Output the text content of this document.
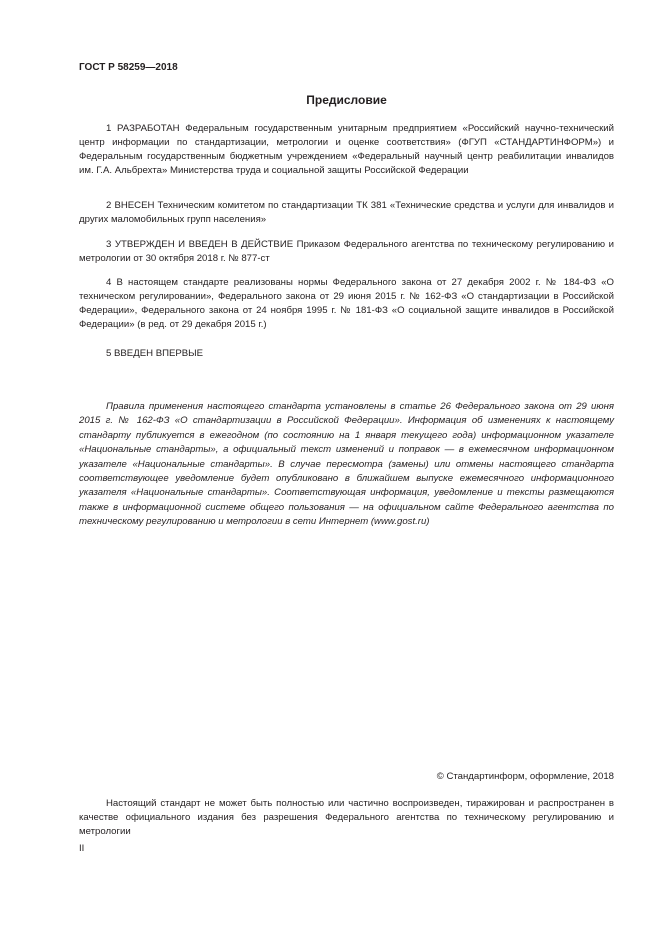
ГОСТ Р 58259—2018
Предисловие

1 РАЗРАБОТАН Федеральным государственным унитарным предприятием «Российский научно-технический центр информации по стандартизации, метрологии и оценке соответствия» (ФГУП «СТАНДАРТИНФОРМ») и Федеральным государственным бюджетным учреждением «Федеральный научный центр реабилитации инвалидов им. Г.А. Альбрехта» Министерства труда и социальной защиты Российской Федерации

2 ВНЕСЕН Техническим комитетом по стандартизации ТК 381 «Технические средства и услуги для инвалидов и других маломобильных групп населения»

3 УТВЕРЖДЕН И ВВЕДЕН В ДЕЙСТВИЕ Приказом Федерального агентства по техническому регулированию и метрологии от 30 октября 2018 г. № 877-ст

4 В настоящем стандарте реализованы нормы Федерального закона от 27 декабря 2002 г. № 184-ФЗ «О техническом регулировании», Федерального закона от 29 июня 2015 г. № 162-ФЗ «О стандартизации в Российской Федерации», Федерального закона от 24 ноября 1995 г. № 181-ФЗ «О социальной защите инвалидов в Российской Федерации» (в ред. от 29 декабря 2015 г.)

5 ВВЕДЕН ВПЕРВЫЕ

Правила применения настоящего стандарта установлены в статье 26 Федерального закона от 29 июня 2015 г. № 162-ФЗ «О стандартизации в Российской Федерации». Информация об изменениях к настоящему стандарту публикуется в ежегодном (по состоянию на 1 января текущего года) информационном указателе «Национальные стандарты», а официальный текст изменений и поправок — в ежемесячном информационном указателе «Национальные стандарты». В случае пересмотра (замены) или отмены настоящего стандарта соответствующее уведомление будет опубликовано в ближайшем выпуске ежемесячного информационного указателя «Национальные стандарты». Соответствующая информация, уведомление и тексты размещаются также в информационной системе общего пользования — на официальном сайте Федерального агентства по техническому регулированию и метрологии в сети Интернет (www.gost.ru)

© Стандартинформ, оформление, 2018

Настоящий стандарт не может быть полностью или частично воспроизведен, тиражирован и распространен в качестве официального издания без разрешения Федерального агентства по техническому регулированию и метрологии

II
